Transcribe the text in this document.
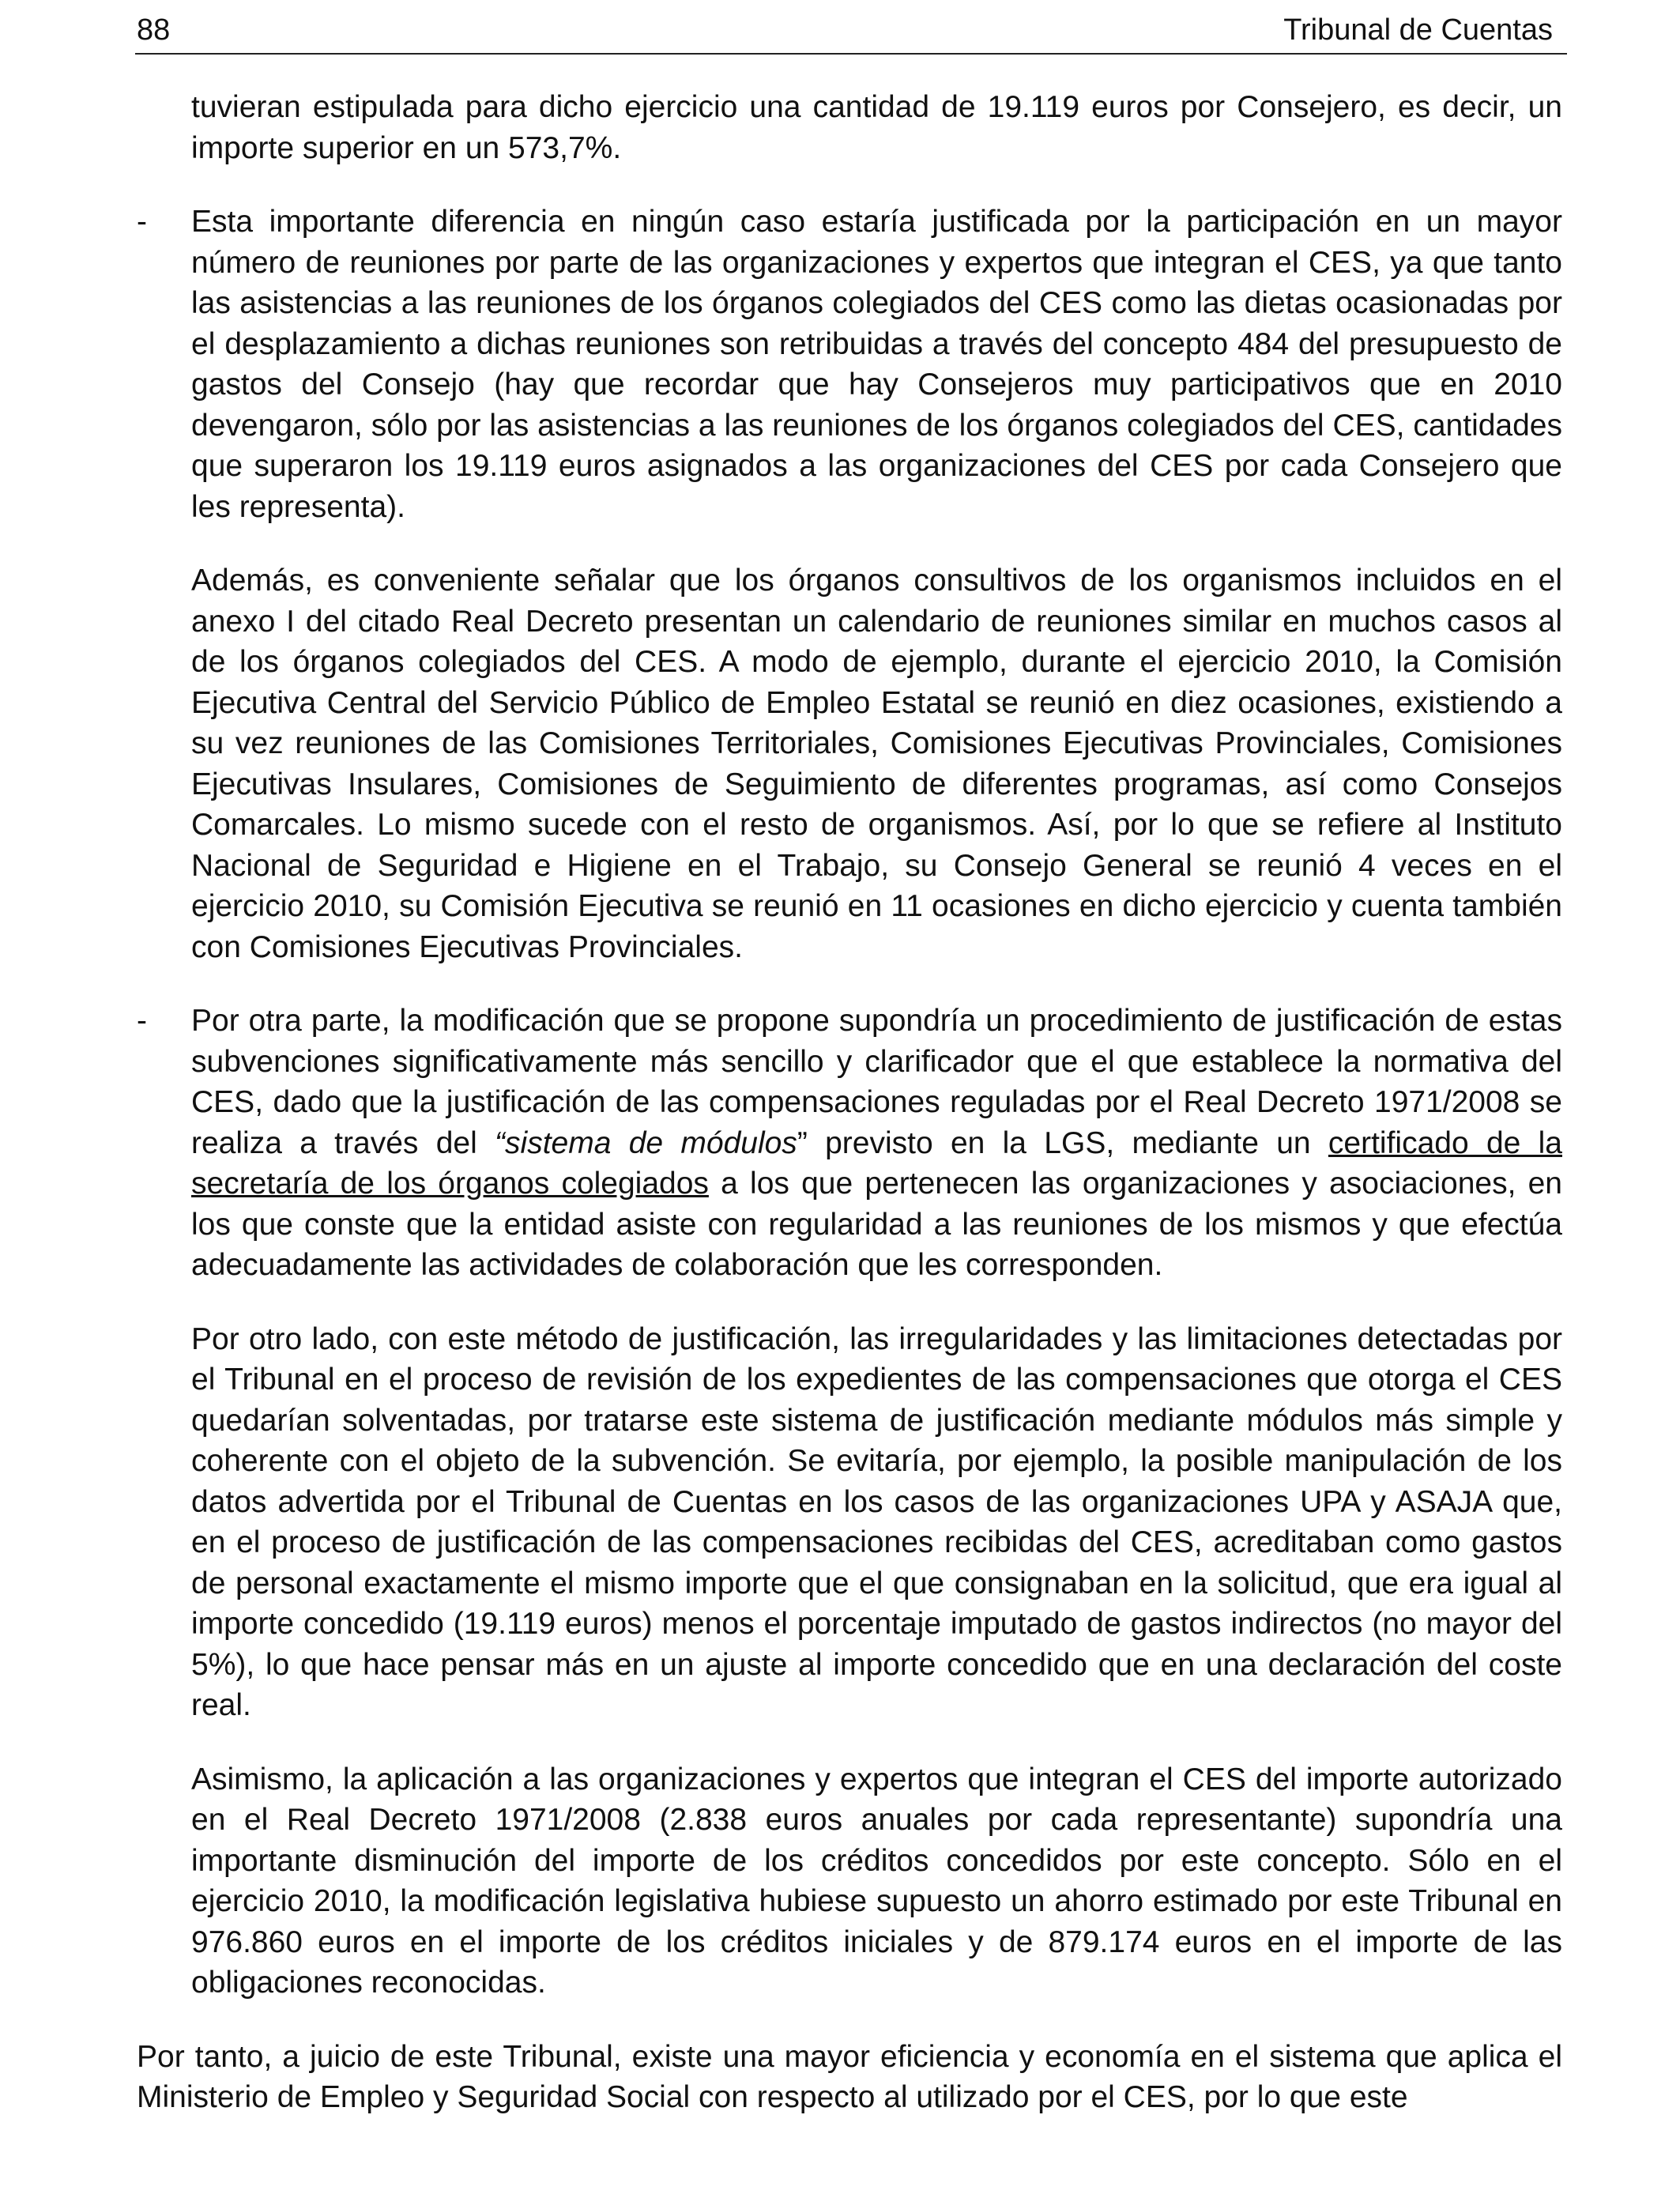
88	Tribunal de Cuentas

tuvieran estipulada para dicho ejercicio una cantidad de 19.119 euros por Consejero, es decir, un importe superior en un 573,7%.

- Esta importante diferencia en ningún caso estaría justificada por la participación en un mayor número de reuniones por parte de las organizaciones y expertos que integran el CES, ya que tanto las asistencias a las reuniones de los órganos colegiados del CES como las dietas ocasionadas por el desplazamiento a dichas reuniones son retribuidas a través del concepto 484 del presupuesto de gastos del Consejo (hay que recordar que hay Consejeros muy participativos que en 2010 devengaron, sólo por las asistencias a las reuniones de los órganos colegiados del CES, cantidades que superaron los 19.119 euros asignados a las organizaciones del CES por cada Consejero que les representa).

Además, es conveniente señalar que los órganos consultivos de los organismos incluidos en el anexo I del citado Real Decreto presentan un calendario de reuniones similar en muchos casos al de los órganos colegiados del CES. A modo de ejemplo, durante el ejercicio 2010, la Comisión Ejecutiva Central del Servicio Público de Empleo Estatal se reunió en diez ocasiones, existiendo a su vez reuniones de las Comisiones Territoriales, Comisiones Ejecutivas Provinciales, Comisiones Ejecutivas Insulares, Comisiones de Seguimiento de diferentes programas, así como Consejos Comarcales. Lo mismo sucede con el resto de organismos. Así, por lo que se refiere al Instituto Nacional de Seguridad e Higiene en el Trabajo, su Consejo General se reunió 4 veces en el ejercicio 2010, su Comisión Ejecutiva se reunió en 11 ocasiones en dicho ejercicio y cuenta también con Comisiones Ejecutivas Provinciales.

- Por otra parte, la modificación que se propone supondría un procedimiento de justificación de estas subvenciones significativamente más sencillo y clarificador que el que establece la normativa del CES, dado que la justificación de las compensaciones reguladas por el Real Decreto 1971/2008 se realiza a través del “sistema de módulos” previsto en la LGS, mediante un certificado de la secretaría de los órganos colegiados a los que pertenecen las organizaciones y asociaciones, en los que conste que la entidad asiste con regularidad a las reuniones de los mismos y que efectúa adecuadamente las actividades de colaboración que les corresponden.

Por otro lado, con este método de justificación, las irregularidades y las limitaciones detectadas por el Tribunal en el proceso de revisión de los expedientes de las compensaciones que otorga el CES quedarían solventadas, por tratarse este sistema de justificación mediante módulos más simple y coherente con el objeto de la subvención. Se evitaría, por ejemplo, la posible manipulación de los datos advertida por el Tribunal de Cuentas en los casos de las organizaciones UPA y ASAJA que, en el proceso de justificación de las compensaciones recibidas del CES, acreditaban como gastos de personal exactamente el mismo importe que el que consignaban en la solicitud, que era igual al importe concedido (19.119 euros) menos el porcentaje imputado de gastos indirectos (no mayor del 5%), lo que hace pensar más en un ajuste al importe concedido que en una declaración del coste real.

Asimismo, la aplicación a las organizaciones y expertos que integran el CES del importe autorizado en el Real Decreto 1971/2008 (2.838 euros anuales por cada representante) supondría una importante disminución del importe de los créditos concedidos por este concepto. Sólo en el ejercicio 2010, la modificación legislativa hubiese supuesto un ahorro estimado por este Tribunal en 976.860 euros en el importe de los créditos iniciales y de 879.174 euros en el importe de las obligaciones reconocidas.

Por tanto, a juicio de este Tribunal, existe una mayor eficiencia y economía en el sistema que aplica el Ministerio de Empleo y Seguridad Social con respecto al utilizado por el CES, por lo que este
